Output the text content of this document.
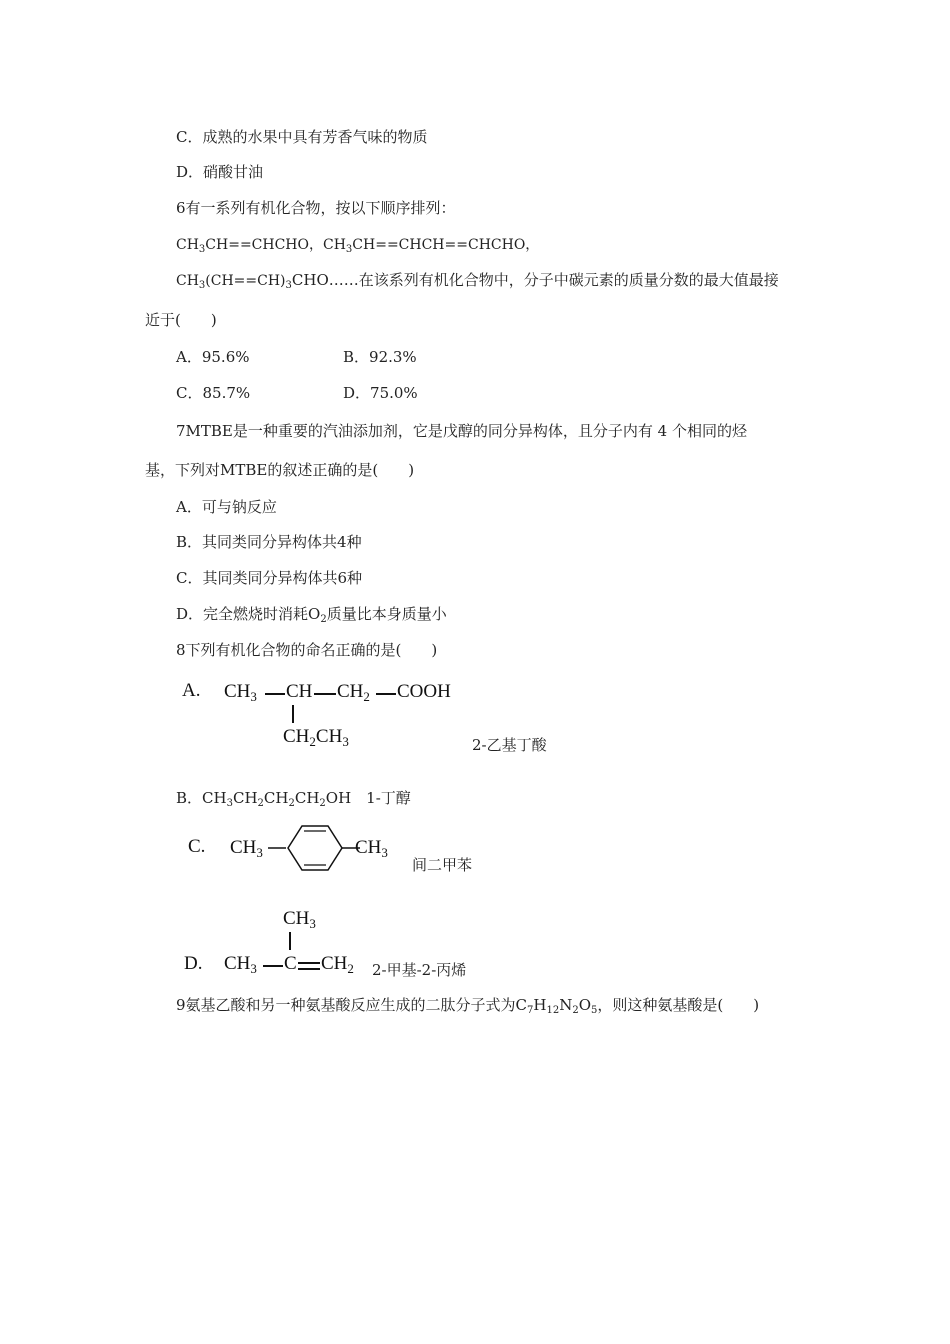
C．成熟的水果中具有芳香气味的物质
D．硝酸甘油
6有一系列有机化合物，按以下顺序排列：
$CH_3CH==CHCHO$，$CH_3CH==CHCH==CHCHO$，
$CH_3(CH==CH)_3CHO\dots\dots$在该系列有机化合物中，分子中碳元素的质量分数的最大值最接
近于(　　)
A．95.6%	B．92.3%
C．85.7%	D．75.0%
7MTBE是一种重要的汽油添加剂，它是戊醇的同分异构体，且分子内有 4 个相同的烃
基，下列对MTBE的叙述正确的是(　　)
A．可与钠反应
B．其同类同分异构体共4种
C．其同类同分异构体共6种
D．完全燃烧时消耗$O_2$质量比本身质量小
8下列有机化合物的命名正确的是(　　)
A. $CH_3$ CH $CH_2$ COOH
$CH_2CH_3$	2-乙基丁酸
B．$CH_3CH_2CH_2CH_2OH$　1-丁醇
C. $CH_3$	$CH_3$
间二甲苯
$CH_3$
D. $CH_3$ C $CH_2$ 2-甲基-2-丙烯
9氨基乙酸和另一种氨基酸反应生成的二肽分子式为$C_7H_{12}N_2O_5$，则这种氨基酸是(　　)
